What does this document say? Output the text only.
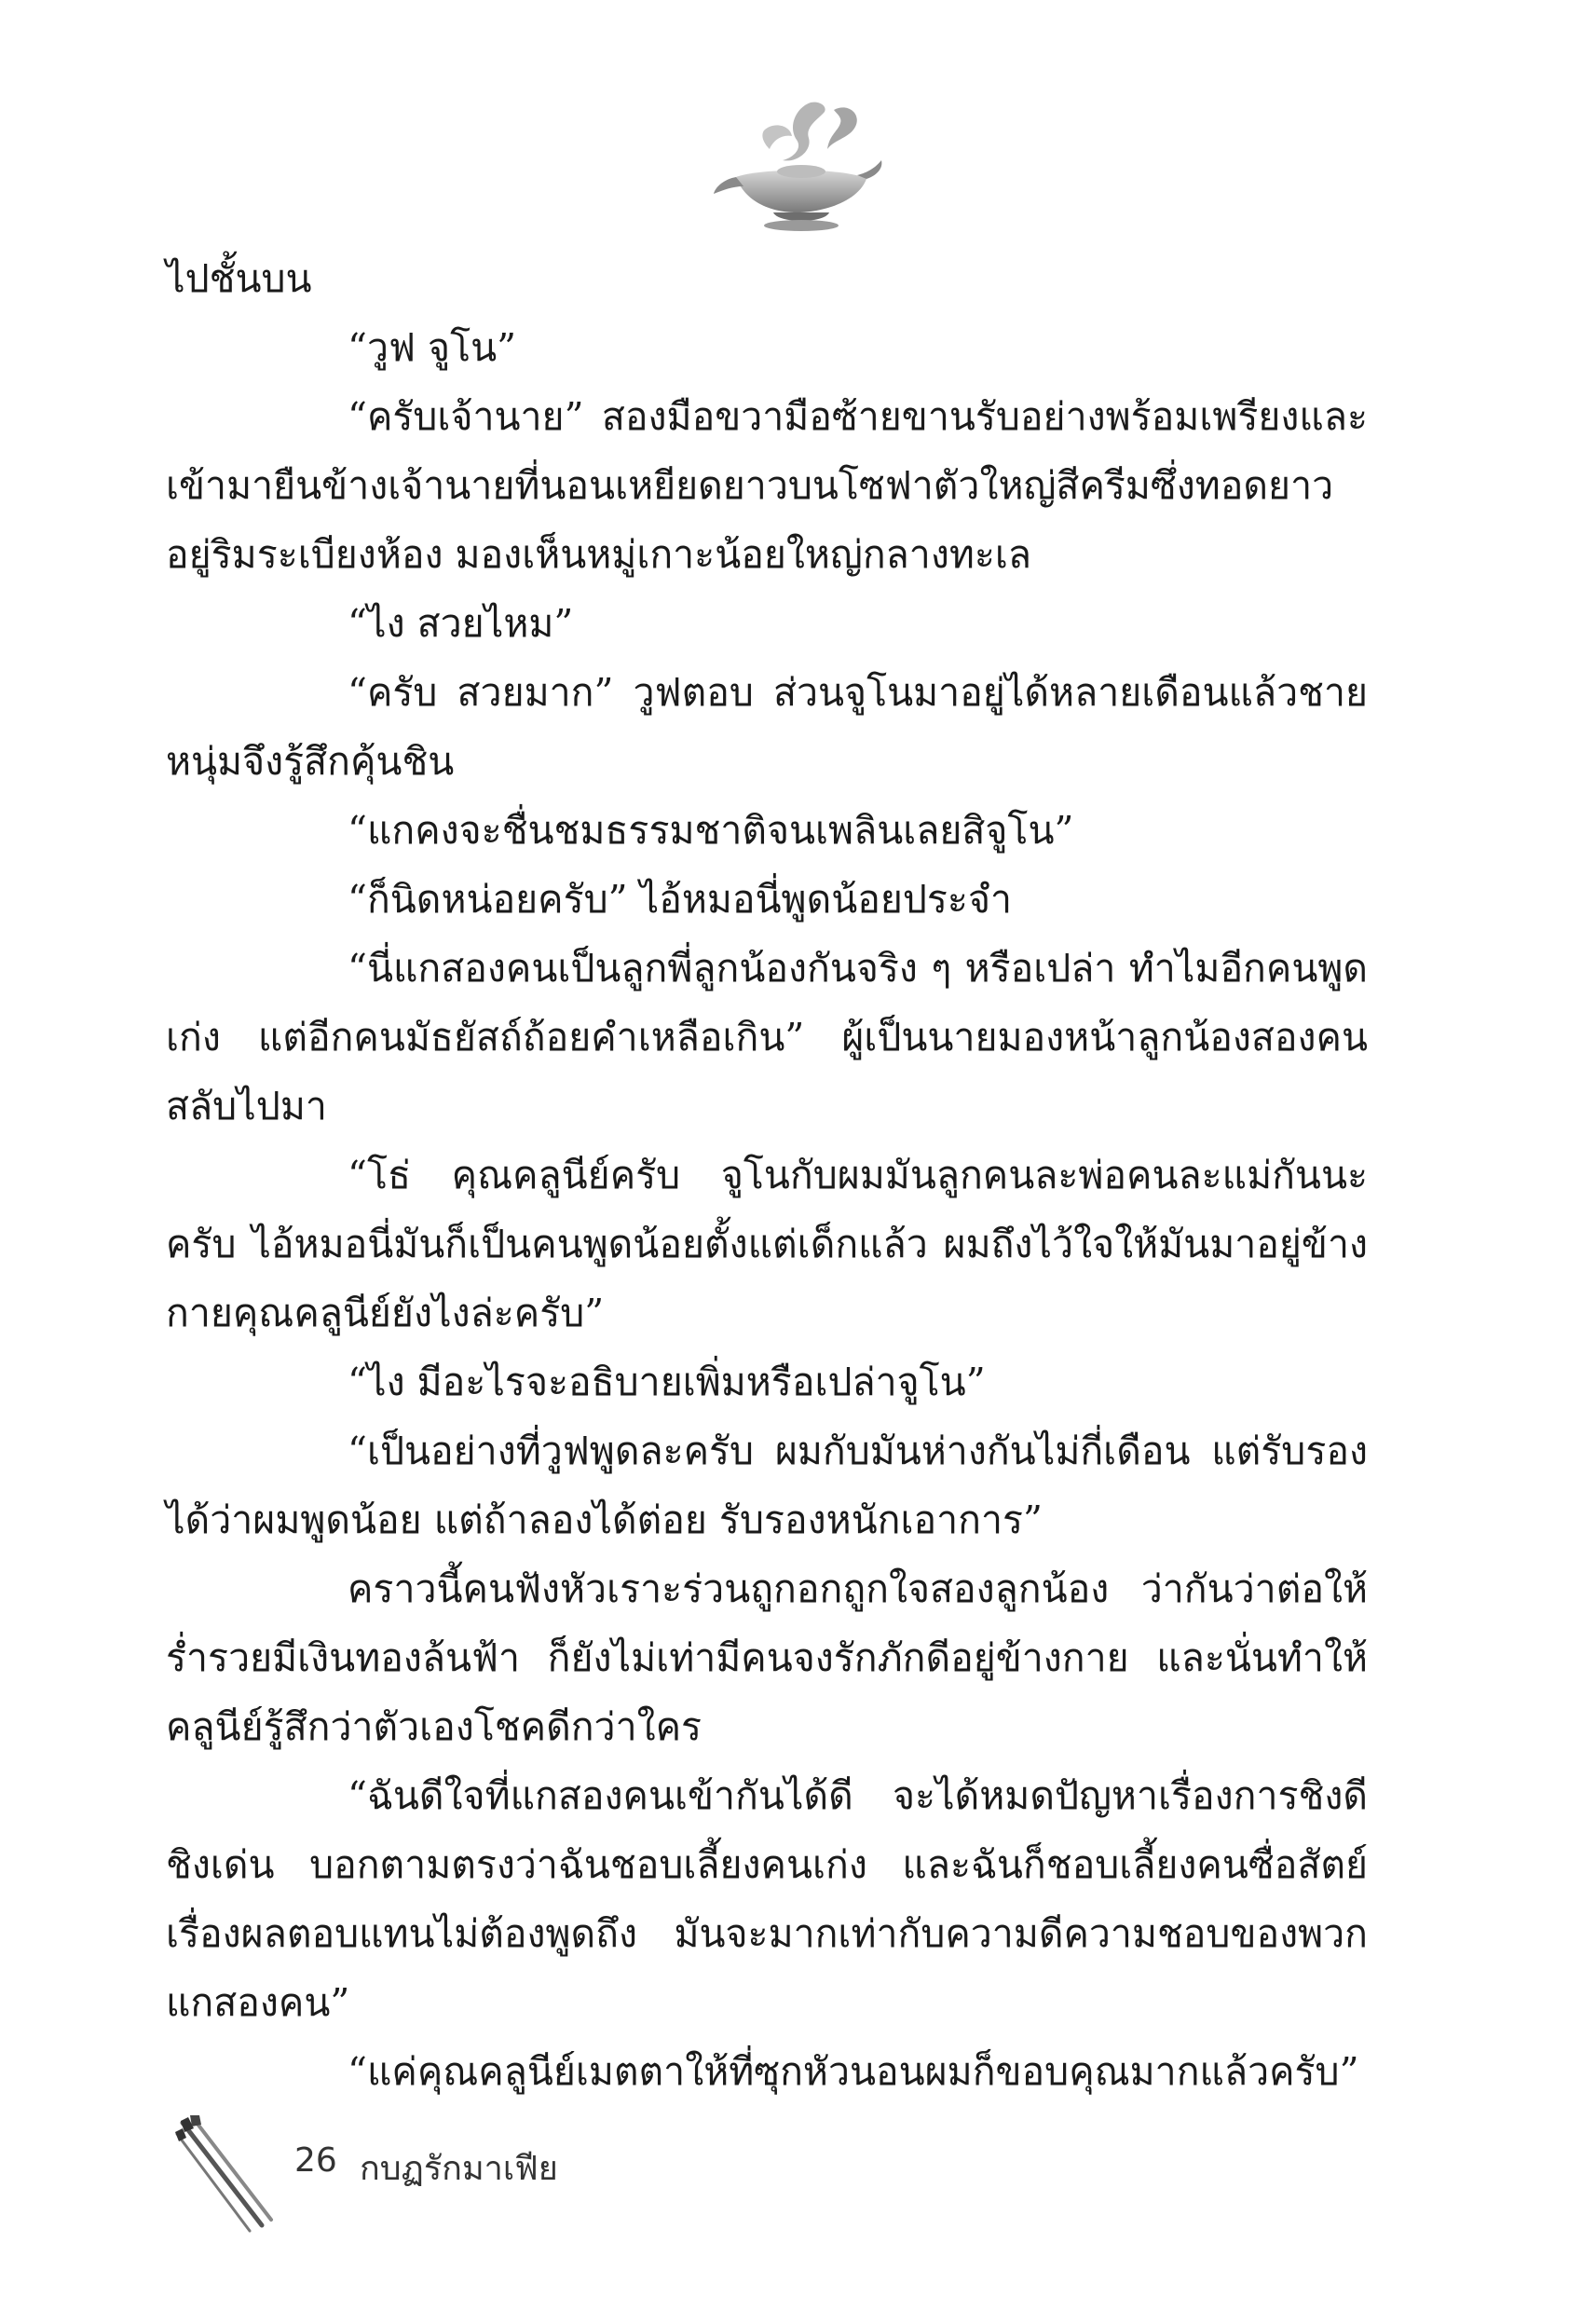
ไปชั้นบน

“วูฟ จูโน”

“ครับเจ้านาย” สองมือขวามือซ้ายขานรับอย่างพร้อมเพรียงและเข้ามายืนข้างเจ้านายที่นอนเหยียดยาวบนโซฟาตัวใหญ่สีครีมซึ่งทอดยาวอยู่ริมระเบียงห้อง มองเห็นหมู่เกาะน้อยใหญ่กลางทะเล

“ไง สวยไหม”

“ครับ สวยมาก” วูฟตอบ ส่วนจูโนมาอยู่ได้หลายเดือนแล้วชายหนุ่มจึงรู้สึกคุ้นชิน

“แกคงจะชื่นชมธรรมชาติจนเพลินเลยสิจูโน”

“ก็นิดหน่อยครับ” ไอ้หมอนี่พูดน้อยประจำ

“นี่แกสองคนเป็นลูกพี่ลูกน้องกันจริง ๆ หรือเปล่า ทำไมอีกคนพูดเก่ง แต่อีกคนมัธยัสถ์ถ้อยคำเหลือเกิน” ผู้เป็นนายมองหน้าลูกน้องสองคนสลับไปมา

“โธ่ คุณคลูนีย์ครับ จูโนกับผมมันลูกคนละพ่อคนละแม่กันนะครับ ไอ้หมอนี่มันก็เป็นคนพูดน้อยตั้งแต่เด็กแล้ว ผมถึงไว้ใจให้มันมาอยู่ข้างกายคุณคลูนีย์ยังไงล่ะครับ”

“ไง มีอะไรจะอธิบายเพิ่มหรือเปล่าจูโน”

“เป็นอย่างที่วูฟพูดละครับ ผมกับมันห่างกันไม่กี่เดือน แต่รับรองได้ว่าผมพูดน้อย แต่ถ้าลองได้ต่อย รับรองหนักเอาการ”

คราวนี้คนฟังหัวเราะร่วนถูกอกถูกใจสองลูกน้อง ว่ากันว่าต่อให้ร่ำรวยมีเงินทองล้นฟ้า ก็ยังไม่เท่ามีคนจงรักภักดีอยู่ข้างกาย และนั่นทำให้คลูนีย์รู้สึกว่าตัวเองโชคดีกว่าใคร

“ฉันดีใจที่แกสองคนเข้ากันได้ดี จะได้หมดปัญหาเรื่องการชิงดีชิงเด่น บอกตามตรงว่าฉันชอบเลี้ยงคนเก่ง และฉันก็ชอบเลี้ยงคนซื่อสัตย์ เรื่องผลตอบแทนไม่ต้องพูดถึง มันจะมากเท่ากับความดีความชอบของพวกแกสองคน”

“แค่คุณคลูนีย์เมตตาให้ที่ซุกหัวนอนผมก็ขอบคุณมากแล้วครับ”

26 กบฏรักมาเฟีย
